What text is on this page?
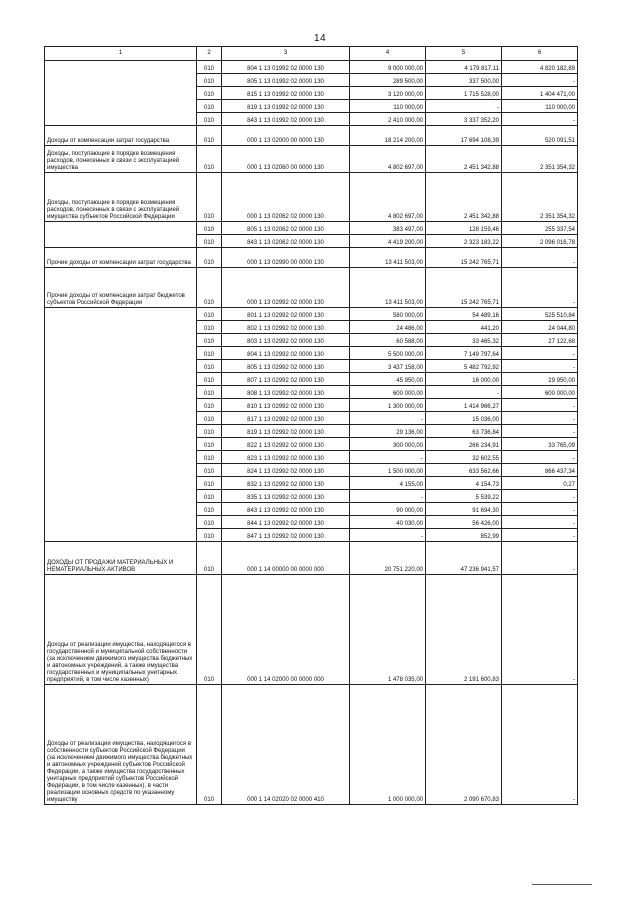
14
1	2	3	4	5	6
	010	804 1 13 01992 02 0000 130	9 000 000,00	4 179 817,11	4 820 182,89
	010	805 1 13 01992 02 0000 130	289 500,00	337 500,00	-
	010	815 1 13 01992 02 0000 130	3 120 000,00	1 715 528,00	1 404 471,00
	010	819 1 13 01992 02 0000 130	110 000,00	-	110 000,00
	010	843 1 13 01992 02 0000 130	2 410 000,00	3 337 352,20	-
Доходы от компенсации затрат государства	010	000 1 13 02000 00 0000 130	18 214 200,00	17 694 108,39	520 091,51
Доходы, поступающие в порядке возмещения расходов, понесенных в связи с эксплуатацией имущества	010	000 1 13 02060 00 0000 130	4 802 697,00	2 451 342,88	2 351 354,32
Доходы, поступающие в порядке возмещения расходов, понесенных в связи с эксплуатацией имущества субъектов Российской Федерации	010	000 1 13 02062 02 0000 130	4 802 697,00	2 451 342,88	2 351 354,32
	010	805 1 13 02062 02 0000 130	383 497,00	128 159,46	255 337,54
	010	843 1 13 02062 02 0000 130	4 419 200,00	2 323 183,22	2 096 016,78
Прочие доходы от компенсации затрат государства	010	000 1 13 02990 00 0000 130	13 411 503,00	15 242 765,71	-
Прочие доходы от компенсации затрат бюджетов субъектов Российской Федерации	010	000 1 13 02992 02 0000 130	13 411 503,00	15 242 765,71	-
	010	801 1 13 02992 02 0000 130	580 000,00	54 489,16	525 510,84
	010	802 1 13 02992 02 0000 130	24 486,00	441,20	24 044,80
	010	803 1 13 02992 02 0000 130	60 588,00	33 465,32	27 122,68
	010	804 1 13 02992 02 0000 130	5 500 000,00	7 149 797,64	-
	010	805 1 13 02992 02 0000 130	3 437 158,00	5 482 792,92	-
	010	807 1 13 02992 02 0000 130	45 950,00	16 000,00	29 950,00
	010	808 1 13 02992 02 0000 130	600 000,00	-	600 000,00
	010	810 1 13 02992 02 0000 130	1 300 000,00	1 414 966,27	-
	010	817 1 13 02992 02 0000 130	-	15 036,00	-
	010	819 1 13 02992 02 0000 130	29 136,00	63 736,84	-
	010	822 1 13 02992 02 0000 130	300 000,00	266 234,91	33 765,09
	010	823 1 13 02992 02 0000 130	-	32 602,55	-
	010	824 1 13 02992 02 0000 130	1 500 000,00	633 562,66	866 437,34
	010	832 1 13 02992 02 0000 130	4 155,00	4 154,73	0,27
	010	835 1 13 02992 02 0000 130	-	5 539,22	-
	010	843 1 13 02992 02 0000 130	90 000,00	91 694,30	-
	010	844 1 13 02992 02 0000 130	40 030,00	56 426,00	-
	010	847 1 13 02992 02 0000 130	-	852,99	-
ДОХОДЫ ОТ ПРОДАЖИ МАТЕРИАЛЬНЫХ И НЕМАТЕРИАЛЬНЫХ АКТИВОВ	010	000 1 14 00000 00 0000 000	20 751 220,00	47 236 941,57	-
Доходы от реализации имущества, находящегося в государственной и муниципальной собственности (за исключением движимого имущества бюджетных и автономных учреждений, а также имущества государственных и муниципальных унитарных предприятий, в том числе казенных)	010	000 1 14 02000 00 0000 000	1 478 035,00	2 191 600,83	-
Доходы от реализации имущества, находящегося в собственности субъектов Российской Федерации (за исключением движимого имущества бюджетных и автономных учреждений субъектов Российской Федерации, а также имущества государственных унитарных предприятий субъектов Российской Федерации, в том числе казенных), в части реализации основных средств по указанному имуществу	010	000 1 14 02020 02 0000 410	1 000 000,00	2 090 670,83	-
